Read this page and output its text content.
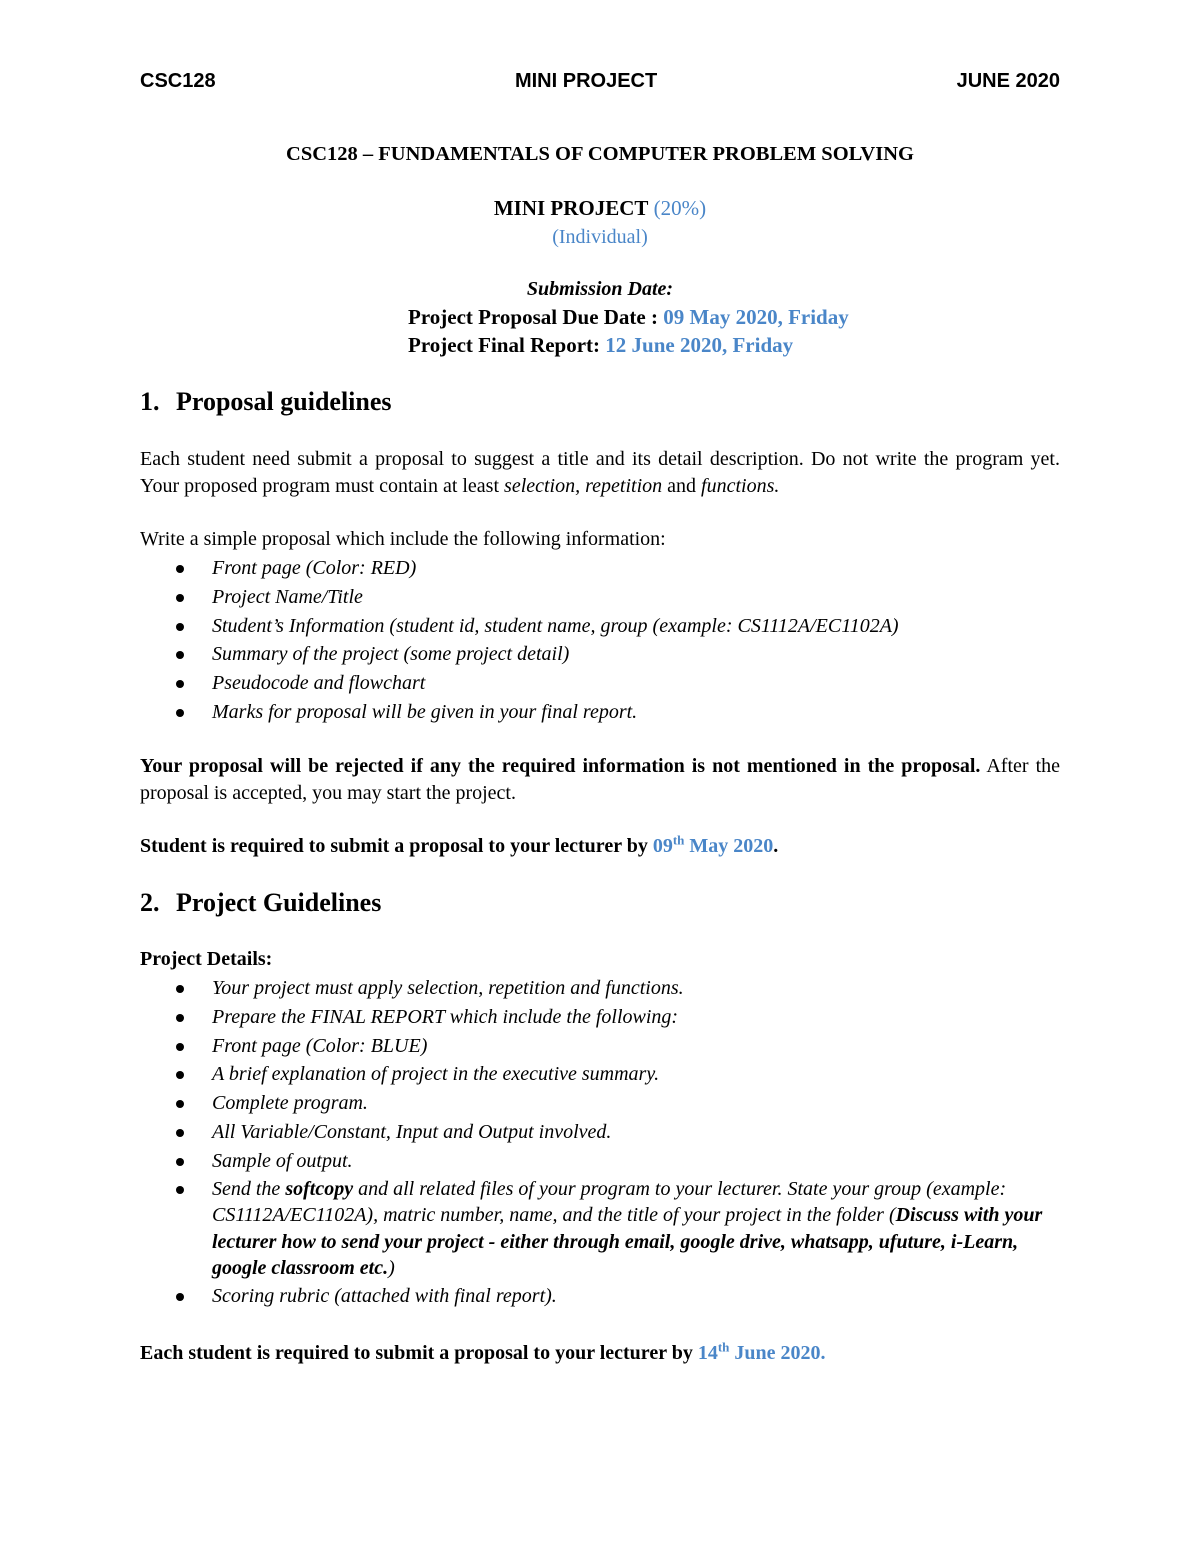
CSC128	MINI PROJECT	JUNE 2020
CSC128 – FUNDAMENTALS OF COMPUTER PROBLEM SOLVING
MINI PROJECT (20%)
(Individual)
Submission Date:
Project Proposal Due Date : 09 May 2020, Friday
Project Final Report: 12 June 2020, Friday
1. Proposal guidelines
Each student need submit a proposal to suggest a title and its detail description. Do not write the program yet. Your proposed program must contain at least selection, repetition and functions.
Write a simple proposal which include the following information:
Front page (Color: RED)
Project Name/Title
Student’s Information (student id, student name, group (example: CS1112A/EC1102A)
Summary of the project (some project detail)
Pseudocode and flowchart
Marks for proposal will be given in your final report.
Your proposal will be rejected if any the required information is not mentioned in the proposal. After the proposal is accepted, you may start the project.
Student is required to submit a proposal to your lecturer by 09th May 2020.
2. Project Guidelines
Project Details:
Your project must apply selection, repetition and functions.
Prepare the FINAL REPORT which include the following:
Front page (Color: BLUE)
A brief explanation of project in the executive summary.
Complete program.
All Variable/Constant, Input and Output involved.
Sample of output.
Send the softcopy and all related files of your program to your lecturer. State your group (example: CS1112A/EC1102A), matric number, name, and the title of your project in the folder (Discuss with your lecturer how to send your project - either through email, google drive, whatsapp, ufuture, i-Learn, google classroom etc.)
Scoring rubric (attached with final report).
Each student is required to submit a proposal to your lecturer by 14th June 2020.
